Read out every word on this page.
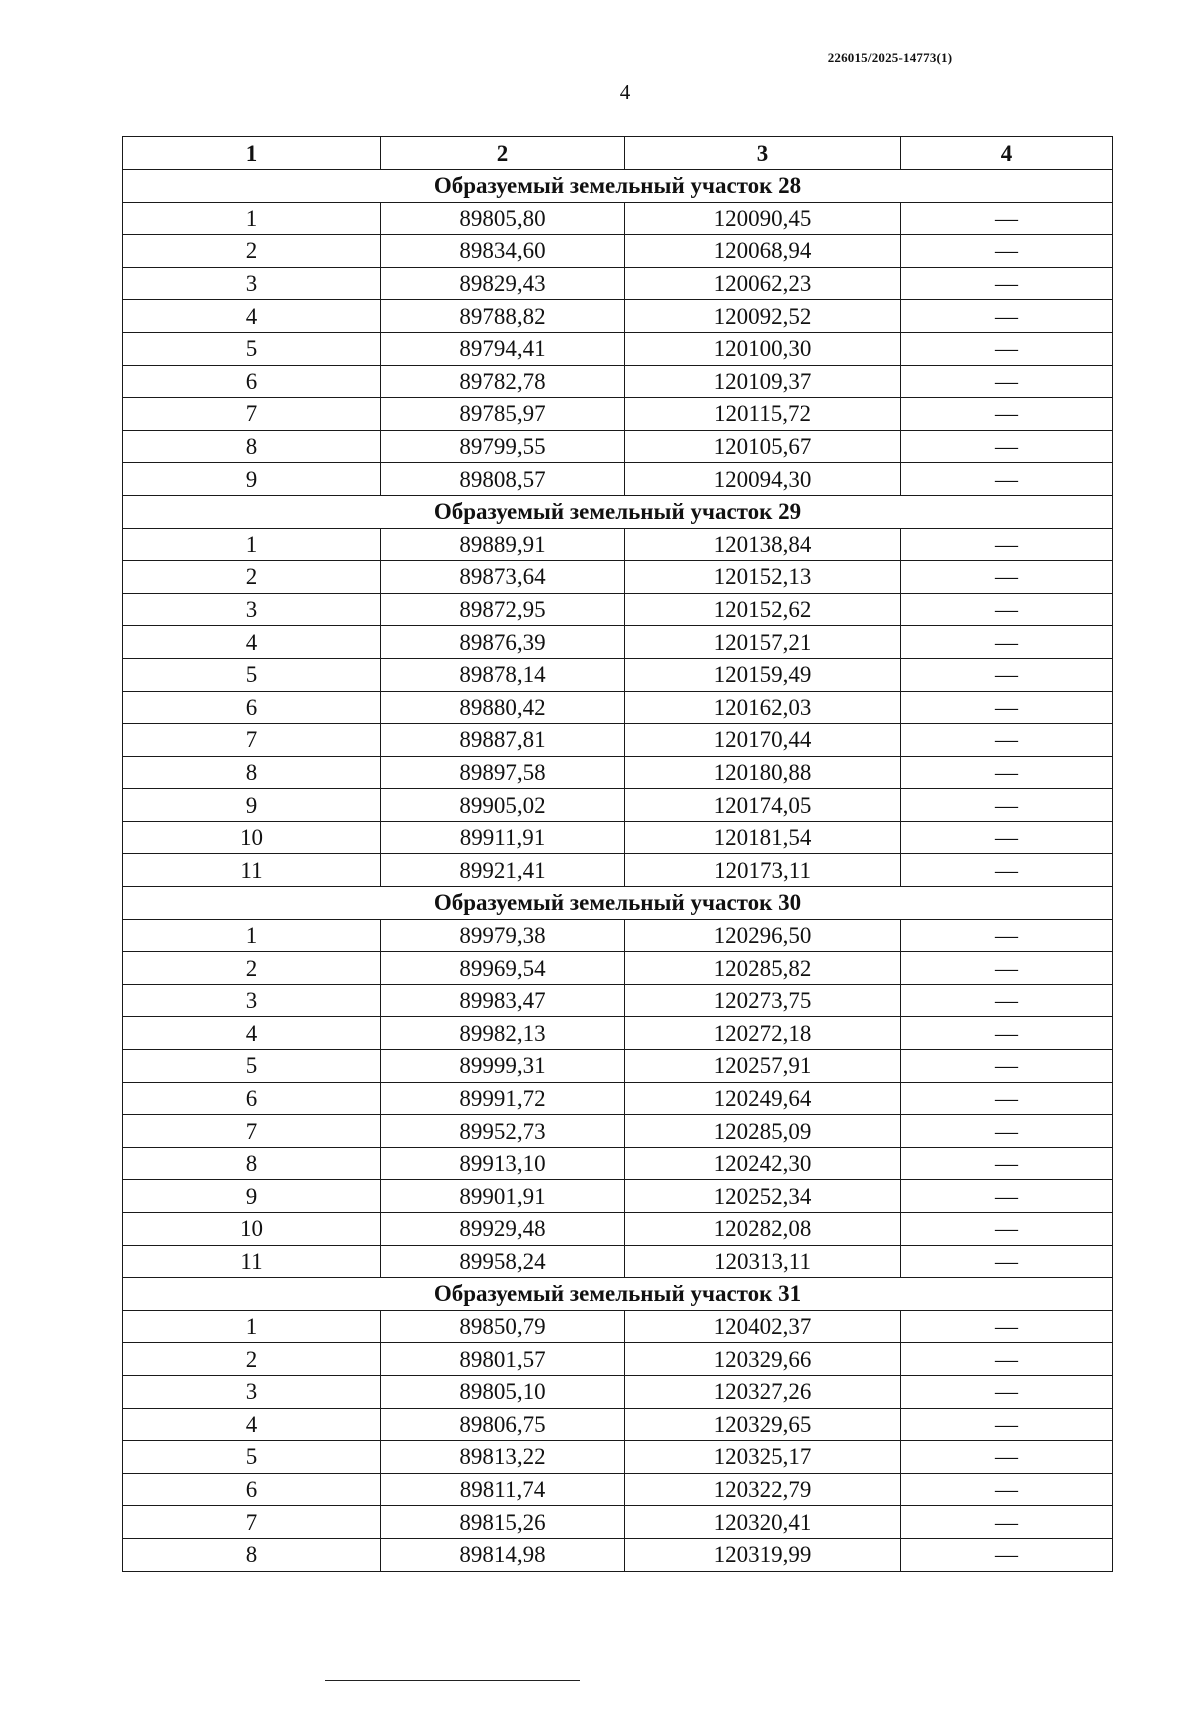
226015/2025-14773(1)
4
1	2	3	4
Образуемый земельный участок 28			
1	89805,80	120090,45	—
2	89834,60	120068,94	—
3	89829,43	120062,23	—
4	89788,82	120092,52	—
5	89794,41	120100,30	—
6	89782,78	120109,37	—
7	89785,97	120115,72	—
8	89799,55	120105,67	—
9	89808,57	120094,30	—
Образуемый земельный участок 29			
1	89889,91	120138,84	—
2	89873,64	120152,13	—
3	89872,95	120152,62	—
4	89876,39	120157,21	—
5	89878,14	120159,49	—
6	89880,42	120162,03	—
7	89887,81	120170,44	—
8	89897,58	120180,88	—
9	89905,02	120174,05	—
10	89911,91	120181,54	—
11	89921,41	120173,11	—
Образуемый земельный участок 30			
1	89979,38	120296,50	—
2	89969,54	120285,82	—
3	89983,47	120273,75	—
4	89982,13	120272,18	—
5	89999,31	120257,91	—
6	89991,72	120249,64	—
7	89952,73	120285,09	—
8	89913,10	120242,30	—
9	89901,91	120252,34	—
10	89929,48	120282,08	—
11	89958,24	120313,11	—
Образуемый земельный участок 31			
1	89850,79	120402,37	—
2	89801,57	120329,66	—
3	89805,10	120327,26	—
4	89806,75	120329,65	—
5	89813,22	120325,17	—
6	89811,74	120322,79	—
7	89815,26	120320,41	—
8	89814,98	120319,99	—
